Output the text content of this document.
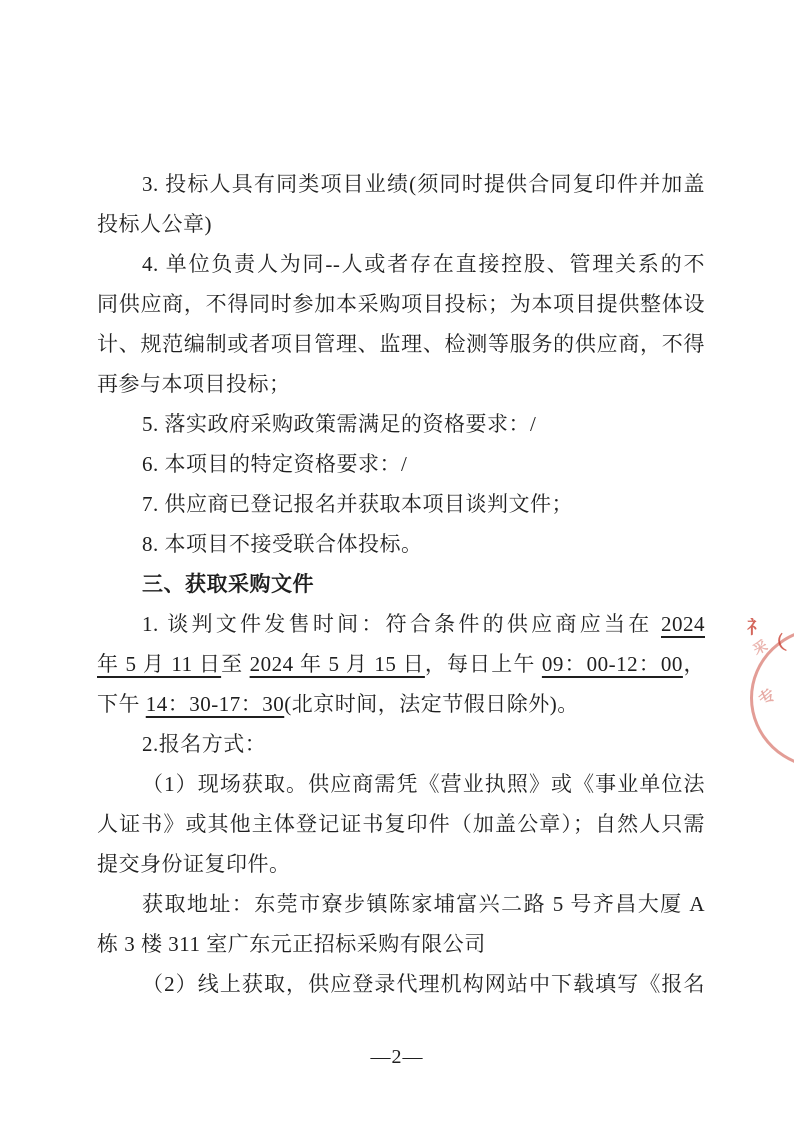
3. 投标人具有同类项目业绩(须同时提供合同复印件并加盖
投标人公章)
4. 单位负责人为同--人或者存在直接控股、管理关系的不
同供应商，不得同时参加本采购项目投标；为本项目提供整体设
计、规范编制或者项目管理、监理、检测等服务的供应商，不得
再参与本项目投标；
5. 落实政府采购政策需满足的资格要求：/
6. 本项目的特定资格要求：/
7. 供应商已登记报名并获取本项目谈判文件；
8. 本项目不接受联合体投标。
三、获取采购文件
1. 谈判文件发售时间：符合条件的供应商应当在 2024
年 5 月 11 日至 2024 年 5 月 15 日，每日上午 09：00-12：00，
下午 14：30-17：30(北京时间，法定节假日除外)。
2.报名方式：
（1）现场获取。供应商需凭《营业执照》或《事业单位法
人证书》或其他主体登记证书复印件（加盖公章）；自然人只需
提交身份证复印件。
获取地址：东莞市寮步镇陈家埔富兴二路 5 号齐昌大厦 A
栋 3 楼 311 室广东元正招标采购有限公司
（2）线上获取，供应登录代理机构网站中下载填写《报名
礻
采
（
专
—2—
